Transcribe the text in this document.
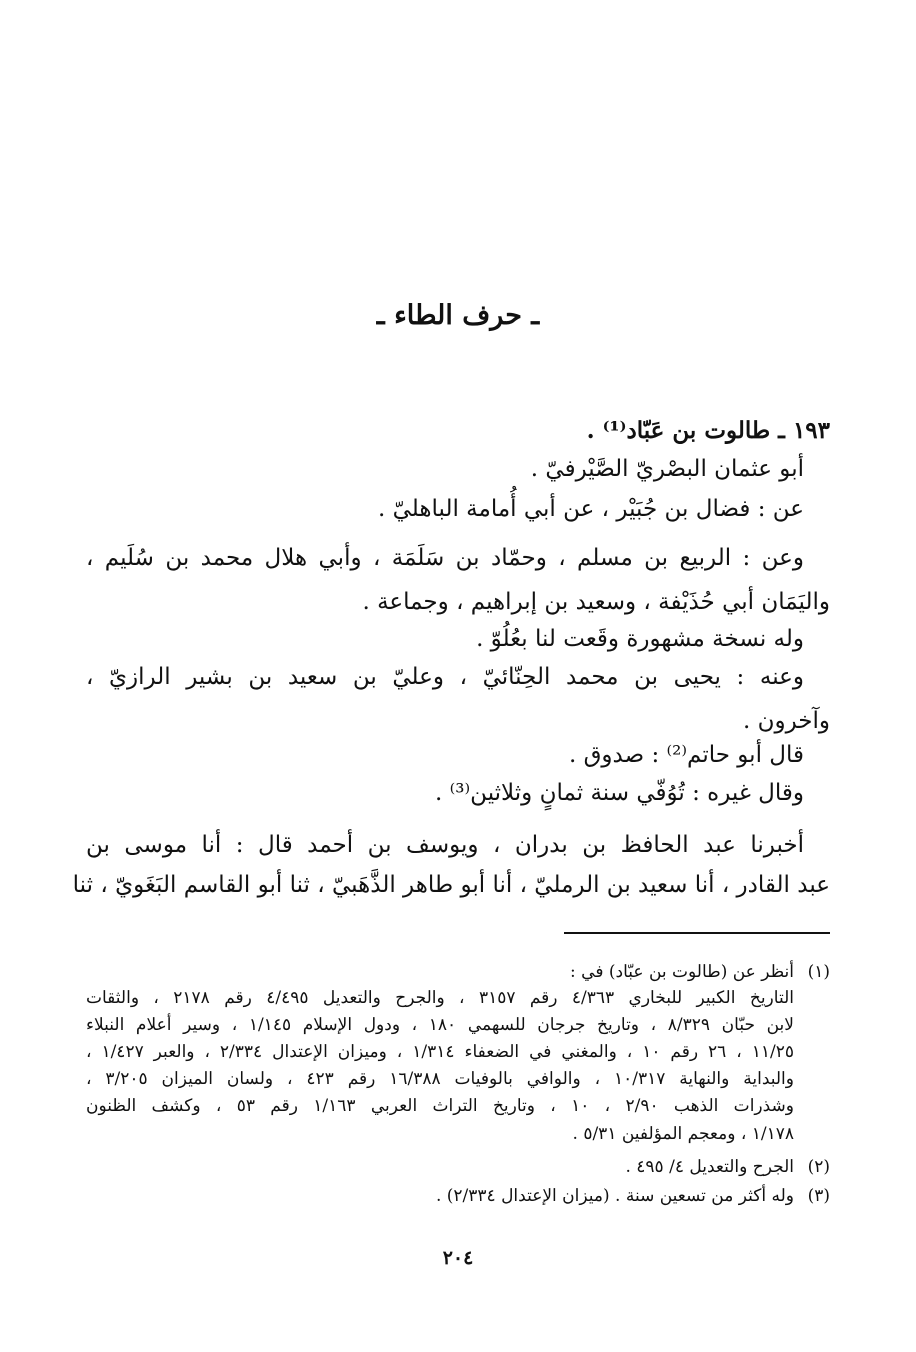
ـ حرف الطاء ـ
١٩٣ ـ طالوت بن عَبّاد⁽¹⁾ .
أبو عثمان البصْريّ الصَّيْرفيّ .
عن : فضال بن جُبَيْر ، عن أبي أُمامة الباهليّ .
وعن : الربيع بن مسلم ، وحمّاد بن سَلَمَة ، وأبي هلال محمد بن سُلَيم ،
واليَمَان أبي حُذَيْفة ، وسعيد بن إبراهيم ، وجماعة .
وله نسخة مشهورة وقَعت لنا بعُلُوّ .
وعنه : يحيى بن محمد الحِنّائيّ ، وعليّ بن سعيد بن بشير الرازيّ ،
وآخرون .
قال أبو حاتم⁽²⁾ : صدوق .
وقال غيره : تُوُفّي سنة ثمانٍ وثلاثين⁽³⁾ .
أخبرنا عبد الحافظ بن بدران ، ويوسف بن أحمد قال : أنا موسى بن
عبد القادر ، أنا سعيد بن الرمليّ ، أنا أبو طاهر الذَّهَبيّ ، ثنا أبو القاسم البَغَويّ ، ثنا
(١)أنظر عن (طالوت بن عبّاد) في :
التاريخ الكبير للبخاري ٤/٣٦٣ رقم ٣١٥٧ ، والجرح والتعديل ٤/٤٩٥ رقم ٢١٧٨ ، والثقات
لابن حبّان ٨/٣٢٩ ، وتاريخ جرجان للسهمي ١٨٠ ، ودول الإسلام ١/١٤٥ ، وسير أعلام النبلاء
١١/٢٥ ، ٢٦ رقم ١٠ ، والمغني في الضعفاء ١/٣١٤ ، وميزان الإعتدال ٢/٣٣٤ ، والعبر ١/٤٢٧ ،
والبداية والنهاية ١٠/٣١٧ ، والوافي بالوفيات ١٦/٣٨٨ رقم ٤٢٣ ، ولسان الميزان ٣/٢٠٥ ،
وشذرات الذهب ٢/٩٠ ، ١٠ ، وتاريخ التراث العربي ١/١٦٣ رقم ٥٣ ، وكشف الظنون
١/١٧٨ ، ومعجم المؤلفين ٥/٣١ .
(٢)الجرح والتعديل ٤/ ٤٩٥ .
(٣)وله أكثر من تسعين سنة . (ميزان الإعتدال ٢/٣٣٤) .
٢٠٤
